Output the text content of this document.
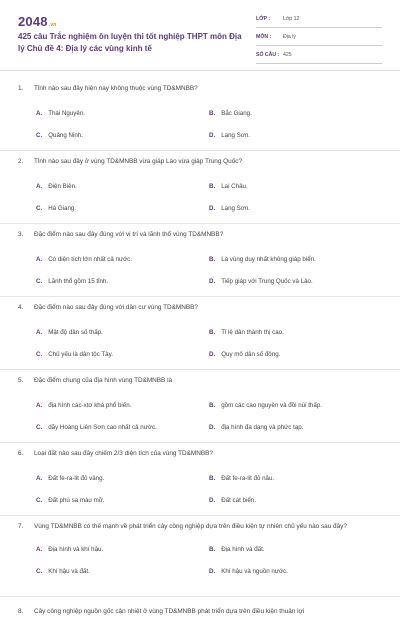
2048.vn
425 câu Trắc nghiệm ôn luyện thi tốt nghiệp THPT môn Địa lý Chủ đề 4: Địa lý các vùng kinh tế
LỚP :	Lớp 12
MÔN :	Địa lý
SỐ CÂU : 425
1.	Tỉnh nào sau đây hiện nay không thuộc vùng TD&MNBB?
A. Thái Nguyên.	B. Bắc Giang.
C. Quảng Ninh.	D. Lạng Sơn.
2.	Tỉnh nào sau đây ở vùng TD&MNBB vừa giáp Lào vừa giáp Trung Quốc?
A. Điện Biên.	B. Lai Châu.
C. Hà Giang.	D. Lạng Sơn.
3.	Đặc điểm nào sau đây đúng với vị trí và lãnh thổ vùng TD&MNBB?
A. Có diện tích lớn nhất cả nước.	B. Là vùng duy nhất không giáp biển.
C. Lãnh thổ gồm 15 tỉnh.	D. Tiếp giáp với Trung Quốc và Lào.
4.	Đặc điểm nào sau đây đúng với dân cư vùng TD&MNBB?
A. Mật độ dân số thấp.	B. Tỉ lệ dân thành thị cao.
C. Chủ yếu là dân tộc Tày.	D. Quy mô dân số đông.
5.	Đặc điểm chung của địa hình vùng TD&MNBB là
A. địa hình các-xtơ khá phổ biến.	B. gồm các cao nguyên và đồi núi thấp.
C. dãy Hoàng Liên Sơn cao nhất cả nước.	D. địa hình đa dạng và phức tạp.
6.	Loại đất nào sau đây chiếm 2/3 diện tích của vùng TD&MNBB?
A. Đất fe-ra-lit đỏ vàng.	B. Đất fe-ra-lit đỏ nâu.
C. Đất phù sa màu mỡ.	D. Đất cát biển.
7.	Vùng TD&MNBB có thế mạnh về phát triển cây công nghiệp dựa trên điều kiện tự nhiên chủ yếu nào sau đây?
A. Địa hình và khí hậu.	B. Địa hình và đất.
C. Khí hậu và đất.	D. Khí hậu và nguồn nước.
8.	Cây công nghiệp nguồn gốc cận nhiệt ở vùng TD&MNBB phát triển dựa trên điều kiện thuận lợi
